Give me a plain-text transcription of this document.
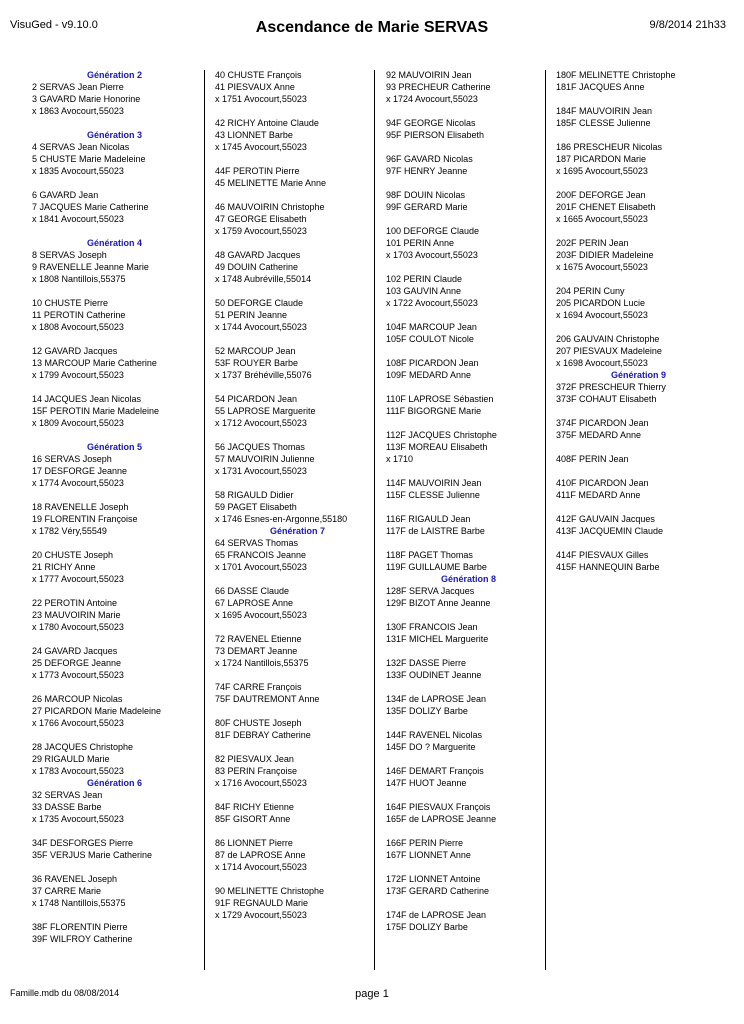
VisuGed - v9.10.0	Ascendance de Marie SERVAS	9/8/2014 21h33
Génération 2
2 SERVAS Jean Pierre
3 GAVARD Marie Honorine
x 1863 Avocourt,55023
Génération 3
4 SERVAS Jean Nicolas
5 CHUSTE Marie Madeleine
x 1835 Avocourt,55023
6 GAVARD Jean
7 JACQUES Marie Catherine
x 1841 Avocourt,55023
Génération 4
8 SERVAS Joseph
9 RAVENELLE Jeanne Marie
x 1808 Nantillois,55375
10 CHUSTE Pierre
11 PEROTIN Catherine
x 1808 Avocourt,55023
12 GAVARD Jacques
13 MARCOUP Marie Catherine
x 1799 Avocourt,55023
14 JACQUES Jean Nicolas
15F PEROTIN Marie Madeleine
x 1809 Avocourt,55023
Génération 5
16 SERVAS Joseph
17 DESFORGE Jeanne
x 1774 Avocourt,55023
18 RAVENELLE Joseph
19 FLORENTIN Françoise
x 1782 Véry,55549
20 CHUSTE Joseph
21 RICHY Anne
x 1777 Avocourt,55023
22 PEROTIN Antoine
23 MAUVOIRIN Marie
x 1780 Avocourt,55023
24 GAVARD Jacques
25 DEFORGE Jeanne
x 1773 Avocourt,55023
26 MARCOUP Nicolas
27 PICARDON Marie Madeleine
x 1766 Avocourt,55023
28 JACQUES Christophe
29 RIGAULD Marie
x 1783 Avocourt,55023
Génération 6
32 SERVAS Jean
33 DASSE Barbe
x 1735 Avocourt,55023
34F DESFORGES Pierre
35F VERJUS Marie Catherine
36 RAVENEL Joseph
37 CARRE Marie
x 1748 Nantillois,55375
38F FLORENTIN Pierre
39F WILFROY Catherine
40 CHUSTE François
41 PIESVAUX Anne
x 1751 Avocourt,55023
42 RICHY Antoine Claude
43 LIONNET Barbe
x 1745 Avocourt,55023
44F PEROTIN Pierre
45 MELINETTE Marie Anne
46 MAUVOIRIN Christophe
47 GEORGE Elisabeth
x 1759 Avocourt,55023
48 GAVARD Jacques
49 DOUIN Catherine
x 1748 Aubréville,55014
50 DEFORGE Claude
51 PERIN Jeanne
x 1744 Avocourt,55023
52 MARCOUP Jean
53F ROUYER Barbe
x 1737 Bréhéville,55076
54 PICARDON Jean
55 LAPROSE Marguerite
x 1712 Avocourt,55023
56 JACQUES Thomas
57 MAUVOIRIN Julienne
x 1731 Avocourt,55023
58 RIGAULD Didier
59 PAGET Elisabeth
x 1746 Esnes-en-Argonne,55180
Génération 7
64 SERVAS Thomas
65 FRANCOIS Jeanne
x 1701 Avocourt,55023
66 DASSE Claude
67 LAPROSE Anne
x 1695 Avocourt,55023
72 RAVENEL Etienne
73 DEMART Jeanne
x 1724 Nantillois,55375
74F CARRE François
75F DAUTREMONT Anne
80F CHUSTE Joseph
81F DEBRAY Catherine
82 PIESVAUX Jean
83 PERIN Françoise
x 1716 Avocourt,55023
84F RICHY Etienne
85F GISORT Anne
86 LIONNET Pierre
87 de LAPROSE Anne
x 1714 Avocourt,55023
90 MELINETTE Christophe
91F REGNAULD Marie
x 1729 Avocourt,55023
92 MAUVOIRIN Jean
93 PRECHEUR Catherine
x 1724 Avocourt,55023
94F GEORGE Nicolas
95F PIERSON Elisabeth
96F GAVARD Nicolas
97F HENRY Jeanne
98F DOUIN Nicolas
99F GERARD Marie
100 DEFORGE Claude
101 PERIN Anne
x 1703 Avocourt,55023
102 PERIN Claude
103 GAUVIN Anne
x 1722 Avocourt,55023
104F MARCOUP Jean
105F COULOT Nicole
108F PICARDON Jean
109F MEDARD Anne
110F LAPROSE Sébastien
111F BIGORGNE Marie
112F JACQUES Christophe
113F MOREAU Elisabeth
x 1710
114F MAUVOIRIN Jean
115F CLESSE Julienne
116F RIGAULD Jean
117F de LAISTRE Barbe
118F PAGET Thomas
119F GUILLAUME Barbe
Génération 8
128F SERVA Jacques
129F BIZOT Anne Jeanne
130F FRANCOIS Jean
131F MICHEL Marguerite
132F DASSE Pierre
133F OUDINET Jeanne
134F de LAPROSE Jean
135F DOLIZY Barbe
144F RAVENEL Nicolas
145F DO ? Marguerite
146F DEMART François
147F HUOT Jeanne
164F PIESVAUX François
165F de LAPROSE Jeanne
166F PERIN Pierre
167F LIONNET Anne
172F LIONNET Antoine
173F GERARD Catherine
174F de LAPROSE Jean
175F DOLIZY Barbe
180F MELINETTE Christophe
181F JACQUES Anne
184F MAUVOIRIN Jean
185F CLESSE Julienne
186 PRESCHEUR Nicolas
187 PICARDON Marie
x 1695 Avocourt,55023
200F DEFORGE Jean
201F CHENET Elisabeth
x 1665 Avocourt,55023
202F PERIN Jean
203F DIDIER Madeleine
x 1675 Avocourt,55023
204 PERIN Cuny
205 PICARDON Lucie
x 1694 Avocourt,55023
206 GAUVAIN Christophe
207 PIESVAUX Madeleine
x 1698 Avocourt,55023
Génération 9
372F PRESCHEUR Thierry
373F COHAUT Elisabeth
374F PICARDON Jean
375F MEDARD Anne
408F PERIN Jean
410F PICARDON Jean
411F MEDARD Anne
412F GAUVAIN Jacques
413F JACQUEMIN Claude
414F PIESVAUX Gilles
415F HANNEQUIN Barbe
Famille.mdb du 08/08/2014	page 1
